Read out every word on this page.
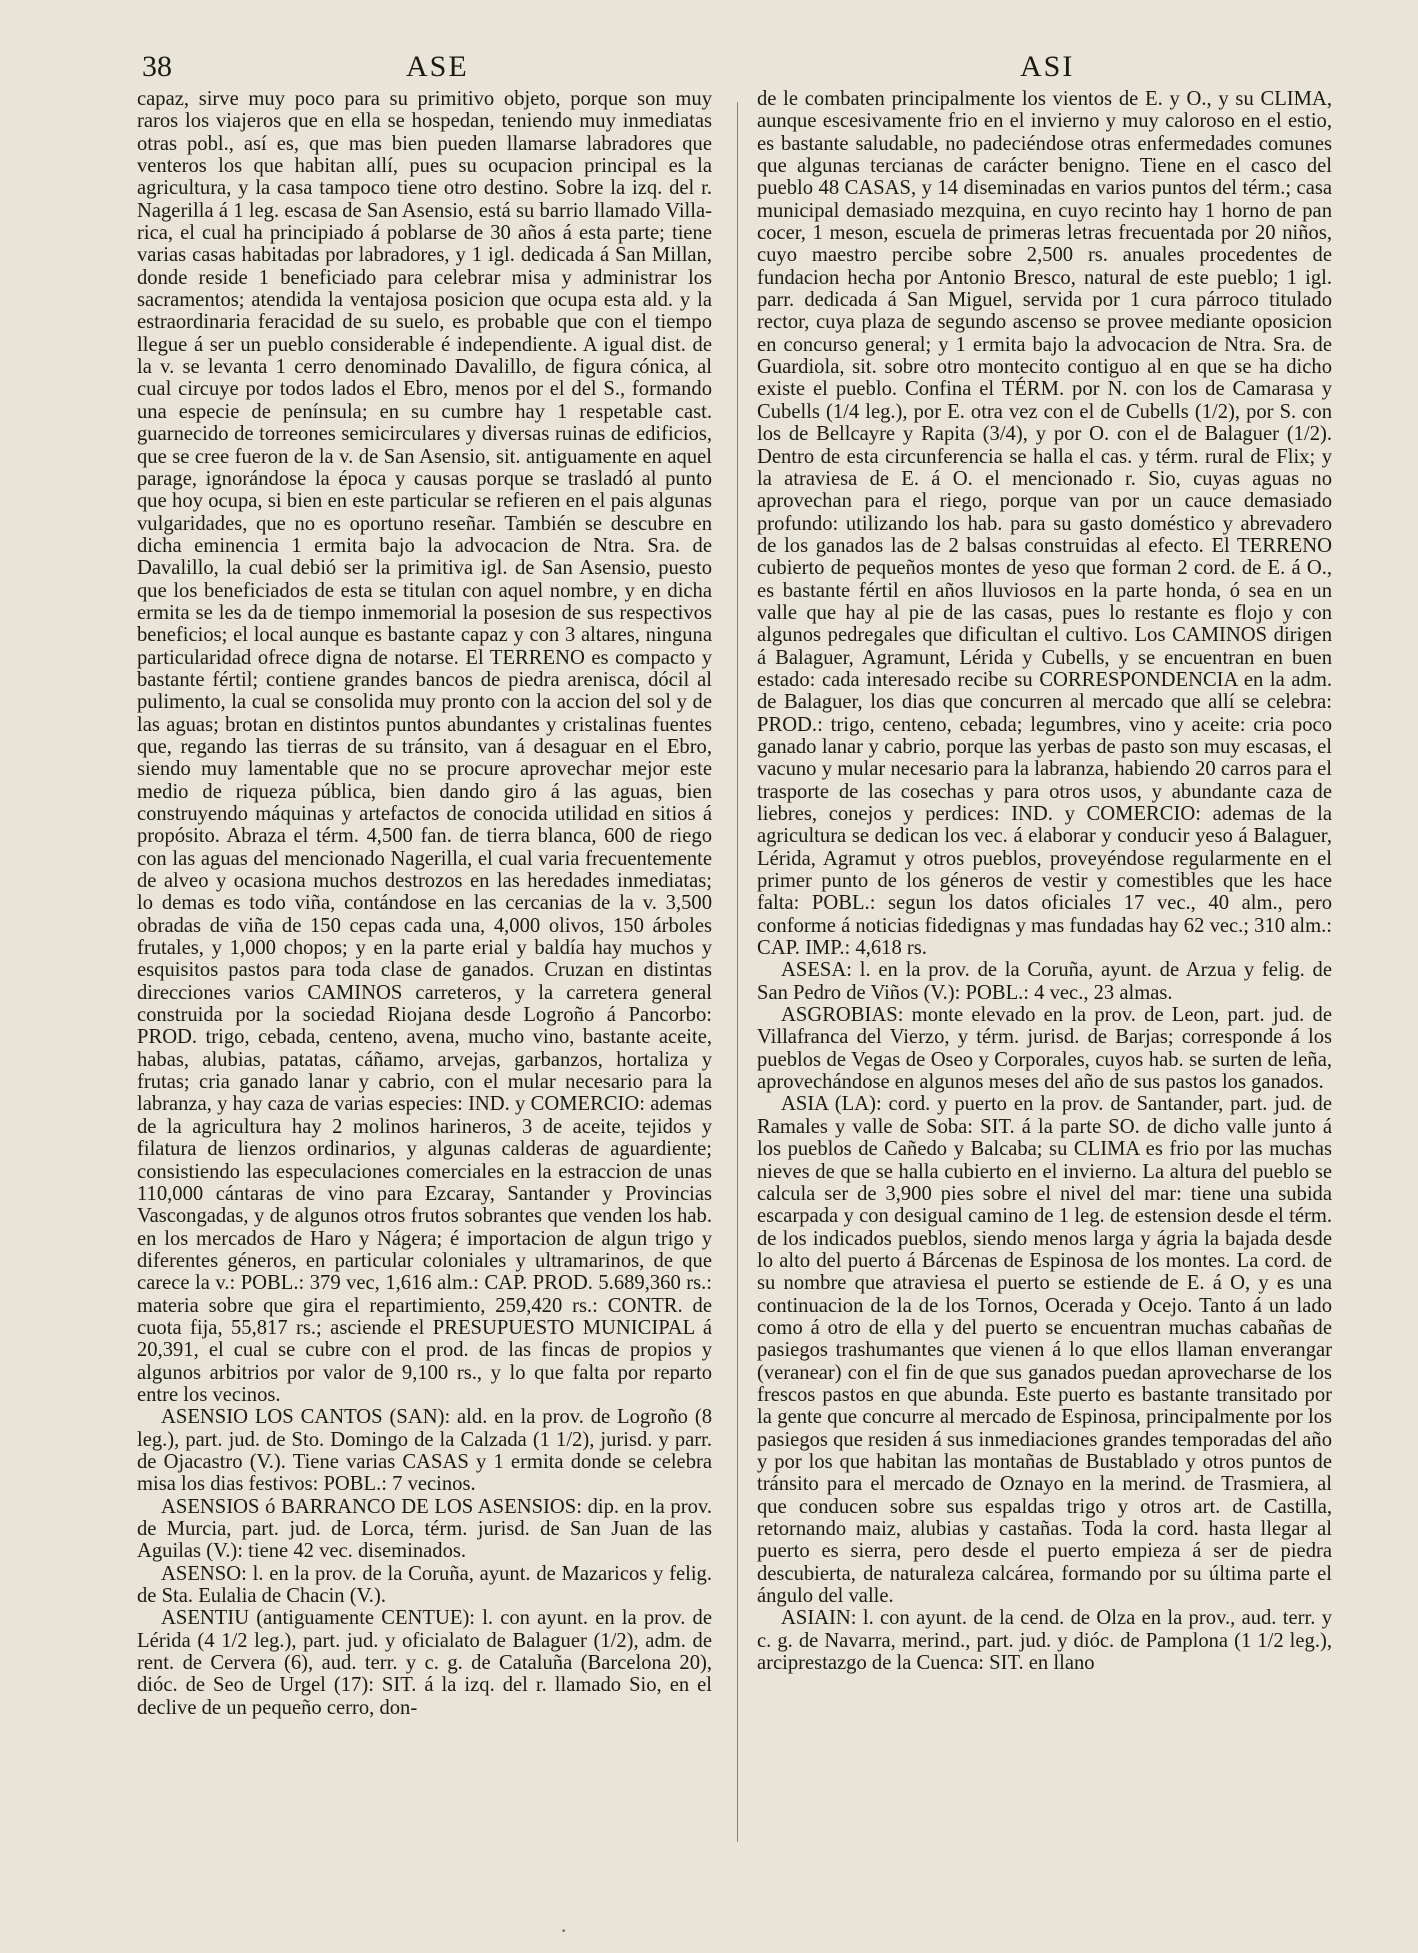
38	ASE	ASI

capaz, sirve muy poco para su primitivo objeto, porque son muy raros los viajeros que en ella se hospedan, teniendo muy inmediatas otras pobl., así es, que mas bien pueden llamarse labradores que venteros los que habitan allí, pues su ocupacion principal es la agricultura, y la casa tampoco tiene otro destino. Sobre la izq. del r. Nagerilla á 1 leg. escasa de San Asensio, está su barrio llamado Villa-rica, el cual ha principiado á poblarse de 30 años á esta parte; tiene varias casas habitadas por labradores, y 1 igl. dedicada á San Millan, donde reside 1 beneficiado para celebrar misa y administrar los sacramentos; atendida la ventajosa posicion que ocupa esta ald. y la estraordinaria feracidad de su suelo, es probable que con el tiempo llegue á ser un pueblo considerable é independiente. A igual dist. de la v. se levanta 1 cerro denominado Davalillo, de figura cónica, al cual circuye por todos lados el Ebro, menos por el del S., formando una especie de península; en su cumbre hay 1 respetable cast. guarnecido de torreones semicirculares y diversas ruinas de edificios, que se cree fueron de la v. de San Asensio, sit. antiguamente en aquel parage, ignorándose la época y causas porque se trasladó al punto que hoy ocupa, si bien en este particular se refieren en el pais algunas vulgaridades, que no es oportuno reseñar. También se descubre en dicha eminencia 1 ermita bajo la advocacion de Ntra. Sra. de Davalillo, la cual debió ser la primitiva igl. de San Asensio, puesto que los beneficiados de esta se titulan con aquel nombre, y en dicha ermita se les da de tiempo inmemorial la posesion de sus respectivos beneficios; el local aunque es bastante capaz y con 3 altares, ninguna particularidad ofrece digna de notarse. El TERRENO es compacto y bastante fértil; contiene grandes bancos de piedra arenisca, dócil al pulimento, la cual se consolida muy pronto con la accion del sol y de las aguas; brotan en distintos puntos abundantes y cristalinas fuentes que, regando las tierras de su tránsito, van á desaguar en el Ebro, siendo muy lamentable que no se procure aprovechar mejor este medio de riqueza pública, bien dando giro á las aguas, bien construyendo máquinas y artefactos de conocida utilidad en sitios á propósito. Abraza el térm. 4,500 fan. de tierra blanca, 600 de riego con las aguas del mencionado Nagerilla, el cual varia frecuentemente de alveo y ocasiona muchos destrozos en las heredades inmediatas; lo demas es todo viña, contándose en las cercanias de la v. 3,500 obradas de viña de 150 cepas cada una, 4,000 olivos, 150 árboles frutales, y 1,000 chopos; y en la parte erial y baldía hay muchos y esquisitos pastos para toda clase de ganados. Cruzan en distintas direcciones varios CAMINOS carreteros, y la carretera general construida por la sociedad Riojana desde Logroño á Pancorbo: PROD. trigo, cebada, centeno, avena, mucho vino, bastante aceite, habas, alubias, patatas, cáñamo, arvejas, garbanzos, hortaliza y frutas; cria ganado lanar y cabrio, con el mular necesario para la labranza, y hay caza de varias especies: IND. y COMERCIO: ademas de la agricultura hay 2 molinos harineros, 3 de aceite, tejidos y filatura de lienzos ordinarios, y algunas calderas de aguardiente; consistiendo las especulaciones comerciales en la estraccion de unas 110,000 cántaras de vino para Ezcaray, Santander y Provincias Vascongadas, y de algunos otros frutos sobrantes que venden los hab. en los mercados de Haro y Nágera; é importacion de algun trigo y diferentes géneros, en particular coloniales y ultramarinos, de que carece la v.: POBL.: 379 vec, 1,616 alm.: CAP. PROD. 5.689,360 rs.: materia sobre que gira el repartimiento, 259,420 rs.: CONTR. de cuota fija, 55,817 rs.; asciende el PRESUPUESTO MUNICIPAL á 20,391, el cual se cubre con el prod. de las fincas de propios y algunos arbitrios por valor de 9,100 rs., y lo que falta por reparto entre los vecinos.

ASENSIO LOS CANTOS (SAN): ald. en la prov. de Logroño (8 leg.), part. jud. de Sto. Domingo de la Calzada (1 1/2), jurisd. y parr. de Ojacastro (V.). Tiene varias CASAS y 1 ermita donde se celebra misa los dias festivos: POBL.: 7 vecinos.

ASENSIOS ó BARRANCO DE LOS ASENSIOS: dip. en la prov. de Murcia, part. jud. de Lorca, térm. jurisd. de San Juan de las Aguilas (V.): tiene 42 vec. diseminados.

ASENSO: l. en la prov. de la Coruña, ayunt. de Mazaricos y felig. de Sta. Eulalia de Chacin (V.).

ASENTIU (antiguamente CENTUE): l. con ayunt. en la prov. de Lérida (4 1/2 leg.), part. jud. y oficialato de Balaguer (1/2), adm. de rent. de Cervera (6), aud. terr. y c. g. de Cataluña (Barcelona 20), dióc. de Seo de Urgel (17): SIT. á la izq. del r. llamado Sio, en el declive de un pequeño cerro, don-

de le combaten principalmente los vientos de E. y O., y su CLIMA, aunque escesivamente frio en el invierno y muy caloroso en el estio, es bastante saludable, no padeciéndose otras enfermedades comunes que algunas tercianas de carácter benigno. Tiene en el casco del pueblo 48 CASAS, y 14 diseminadas en varios puntos del térm.; casa municipal demasiado mezquina, en cuyo recinto hay 1 horno de pan cocer, 1 meson, escuela de primeras letras frecuentada por 20 niños, cuyo maestro percibe sobre 2,500 rs. anuales procedentes de fundacion hecha por Antonio Bresco, natural de este pueblo; 1 igl. parr. dedicada á San Miguel, servida por 1 cura párroco titulado rector, cuya plaza de segundo ascenso se provee mediante oposicion en concurso general; y 1 ermita bajo la advocacion de Ntra. Sra. de Guardiola, sit. sobre otro montecito contiguo al en que se ha dicho existe el pueblo. Confina el TÉRM. por N. con los de Camarasa y Cubells (1/4 leg.), por E. otra vez con el de Cubells (1/2), por S. con los de Bellcayre y Rapita (3/4), y por O. con el de Balaguer (1/2). Dentro de esta circunferencia se halla el cas. y térm. rural de Flix; y la atraviesa de E. á O. el mencionado r. Sio, cuyas aguas no aprovechan para el riego, porque van por un cauce demasiado profundo: utilizando los hab. para su gasto doméstico y abrevadero de los ganados las de 2 balsas construidas al efecto. El TERRENO cubierto de pequeños montes de yeso que forman 2 cord. de E. á O., es bastante fértil en años lluviosos en la parte honda, ó sea en un valle que hay al pie de las casas, pues lo restante es flojo y con algunos pedregales que dificultan el cultivo. Los CAMINOS dirigen á Balaguer, Agramunt, Lérida y Cubells, y se encuentran en buen estado: cada interesado recibe su CORRESPONDENCIA en la adm. de Balaguer, los dias que concurren al mercado que allí se celebra: PROD.: trigo, centeno, cebada; legumbres, vino y aceite: cria poco ganado lanar y cabrio, porque las yerbas de pasto son muy escasas, el vacuno y mular necesario para la labranza, habiendo 20 carros para el trasporte de las cosechas y para otros usos, y abundante caza de liebres, conejos y perdices: IND. y COMERCIO: ademas de la agricultura se dedican los vec. á elaborar y conducir yeso á Balaguer, Lérida, Agramut y otros pueblos, proveyéndose regularmente en el primer punto de los géneros de vestir y comestibles que les hace falta: POBL.: segun los datos oficiales 17 vec., 40 alm., pero conforme á noticias fidedignas y mas fundadas hay 62 vec.; 310 alm.: CAP. IMP.: 4,618 rs.

ASESA: l. en la prov. de la Coruña, ayunt. de Arzua y felig. de San Pedro de Viños (V.): POBL.: 4 vec., 23 almas.

ASGROBIAS: monte elevado en la prov. de Leon, part. jud. de Villafranca del Vierzo, y térm. jurisd. de Barjas; corresponde á los pueblos de Vegas de Oseo y Corporales, cuyos hab. se surten de leña, aprovechándose en algunos meses del año de sus pastos los ganados.

ASIA (LA): cord. y puerto en la prov. de Santander, part. jud. de Ramales y valle de Soba: SIT. á la parte SO. de dicho valle junto á los pueblos de Cañedo y Balcaba; su CLIMA es frio por las muchas nieves de que se halla cubierto en el invierno. La altura del pueblo se calcula ser de 3,900 pies sobre el nivel del mar: tiene una subida escarpada y con desigual camino de 1 leg. de estension desde el térm. de los indicados pueblos, siendo menos larga y ágria la bajada desde lo alto del puerto á Bárcenas de Espinosa de los montes. La cord. de su nombre que atraviesa el puerto se estiende de E. á O, y es una continuacion de la de los Tornos, Ocerada y Ocejo. Tanto á un lado como á otro de ella y del puerto se encuentran muchas cabañas de pasiegos trashumantes que vienen á lo que ellos llaman enverangar (veranear) con el fin de que sus ganados puedan aprovecharse de los frescos pastos en que abunda. Este puerto es bastante transitado por la gente que concurre al mercado de Espinosa, principalmente por los pasiegos que residen á sus inmediaciones grandes temporadas del año y por los que habitan las montañas de Bustablado y otros puntos de tránsito para el mercado de Oznayo en la merind. de Trasmiera, al que conducen sobre sus espaldas trigo y otros art. de Castilla, retornando maiz, alubias y castañas. Toda la cord. hasta llegar al puerto es sierra, pero desde el puerto empieza á ser de piedra descubierta, de naturaleza calcárea, formando por su última parte el ángulo del valle.

ASIAIN: l. con ayunt. de la cend. de Olza en la prov., aud. terr. y c. g. de Navarra, merind., part. jud. y dióc. de Pamplona (1 1/2 leg.), arciprestazgo de la Cuenca: SIT. en llano

·
